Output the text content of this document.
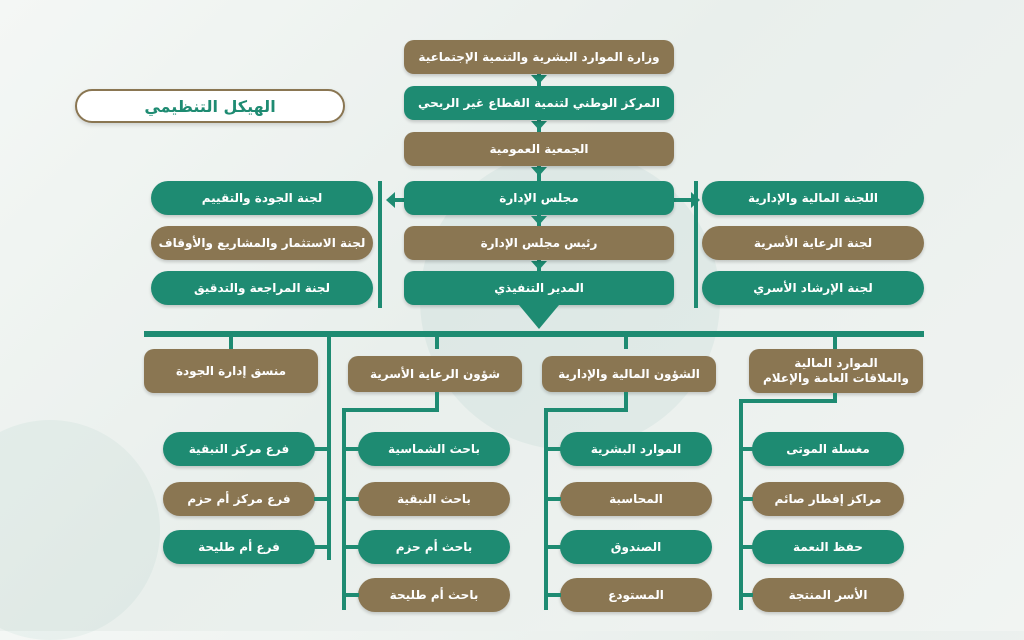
الهيكل التنظيمي
وزارة الموارد البشرية والتنمية الإجتماعية
المركز الوطني لتنمية القطاع غير الربحي
الجمعية العمومية
مجلس الإدارة
رئيس مجلس الإدارة
المدير التنفيذي
اللجنة المالية والإدارية
لجنة الرعاية الأسرية
لجنة الإرشاد الأسري
لجنة الجودة والتقييم
لجنة الاستثمار والمشاريع والأوقاف
لجنة المراجعة والتدقيق
الموارد المالية
والعلاقات العامة والإعلام
الشؤون المالية والإدارية
شؤون الرعاية الأسرية
منسق إدارة الجودة
مغسلة الموتى
مراكز إفطار صائم
حفظ النعمة
الأسر المنتجة
الموارد البشرية
المحاسبة
الصندوق
المستودع
باحث الشماسية
باحث النبقية
باحث أم حزم
باحث أم طليحة
فرع مركز النبقية
فرع مركز أم حزم
فرع أم طليحة
